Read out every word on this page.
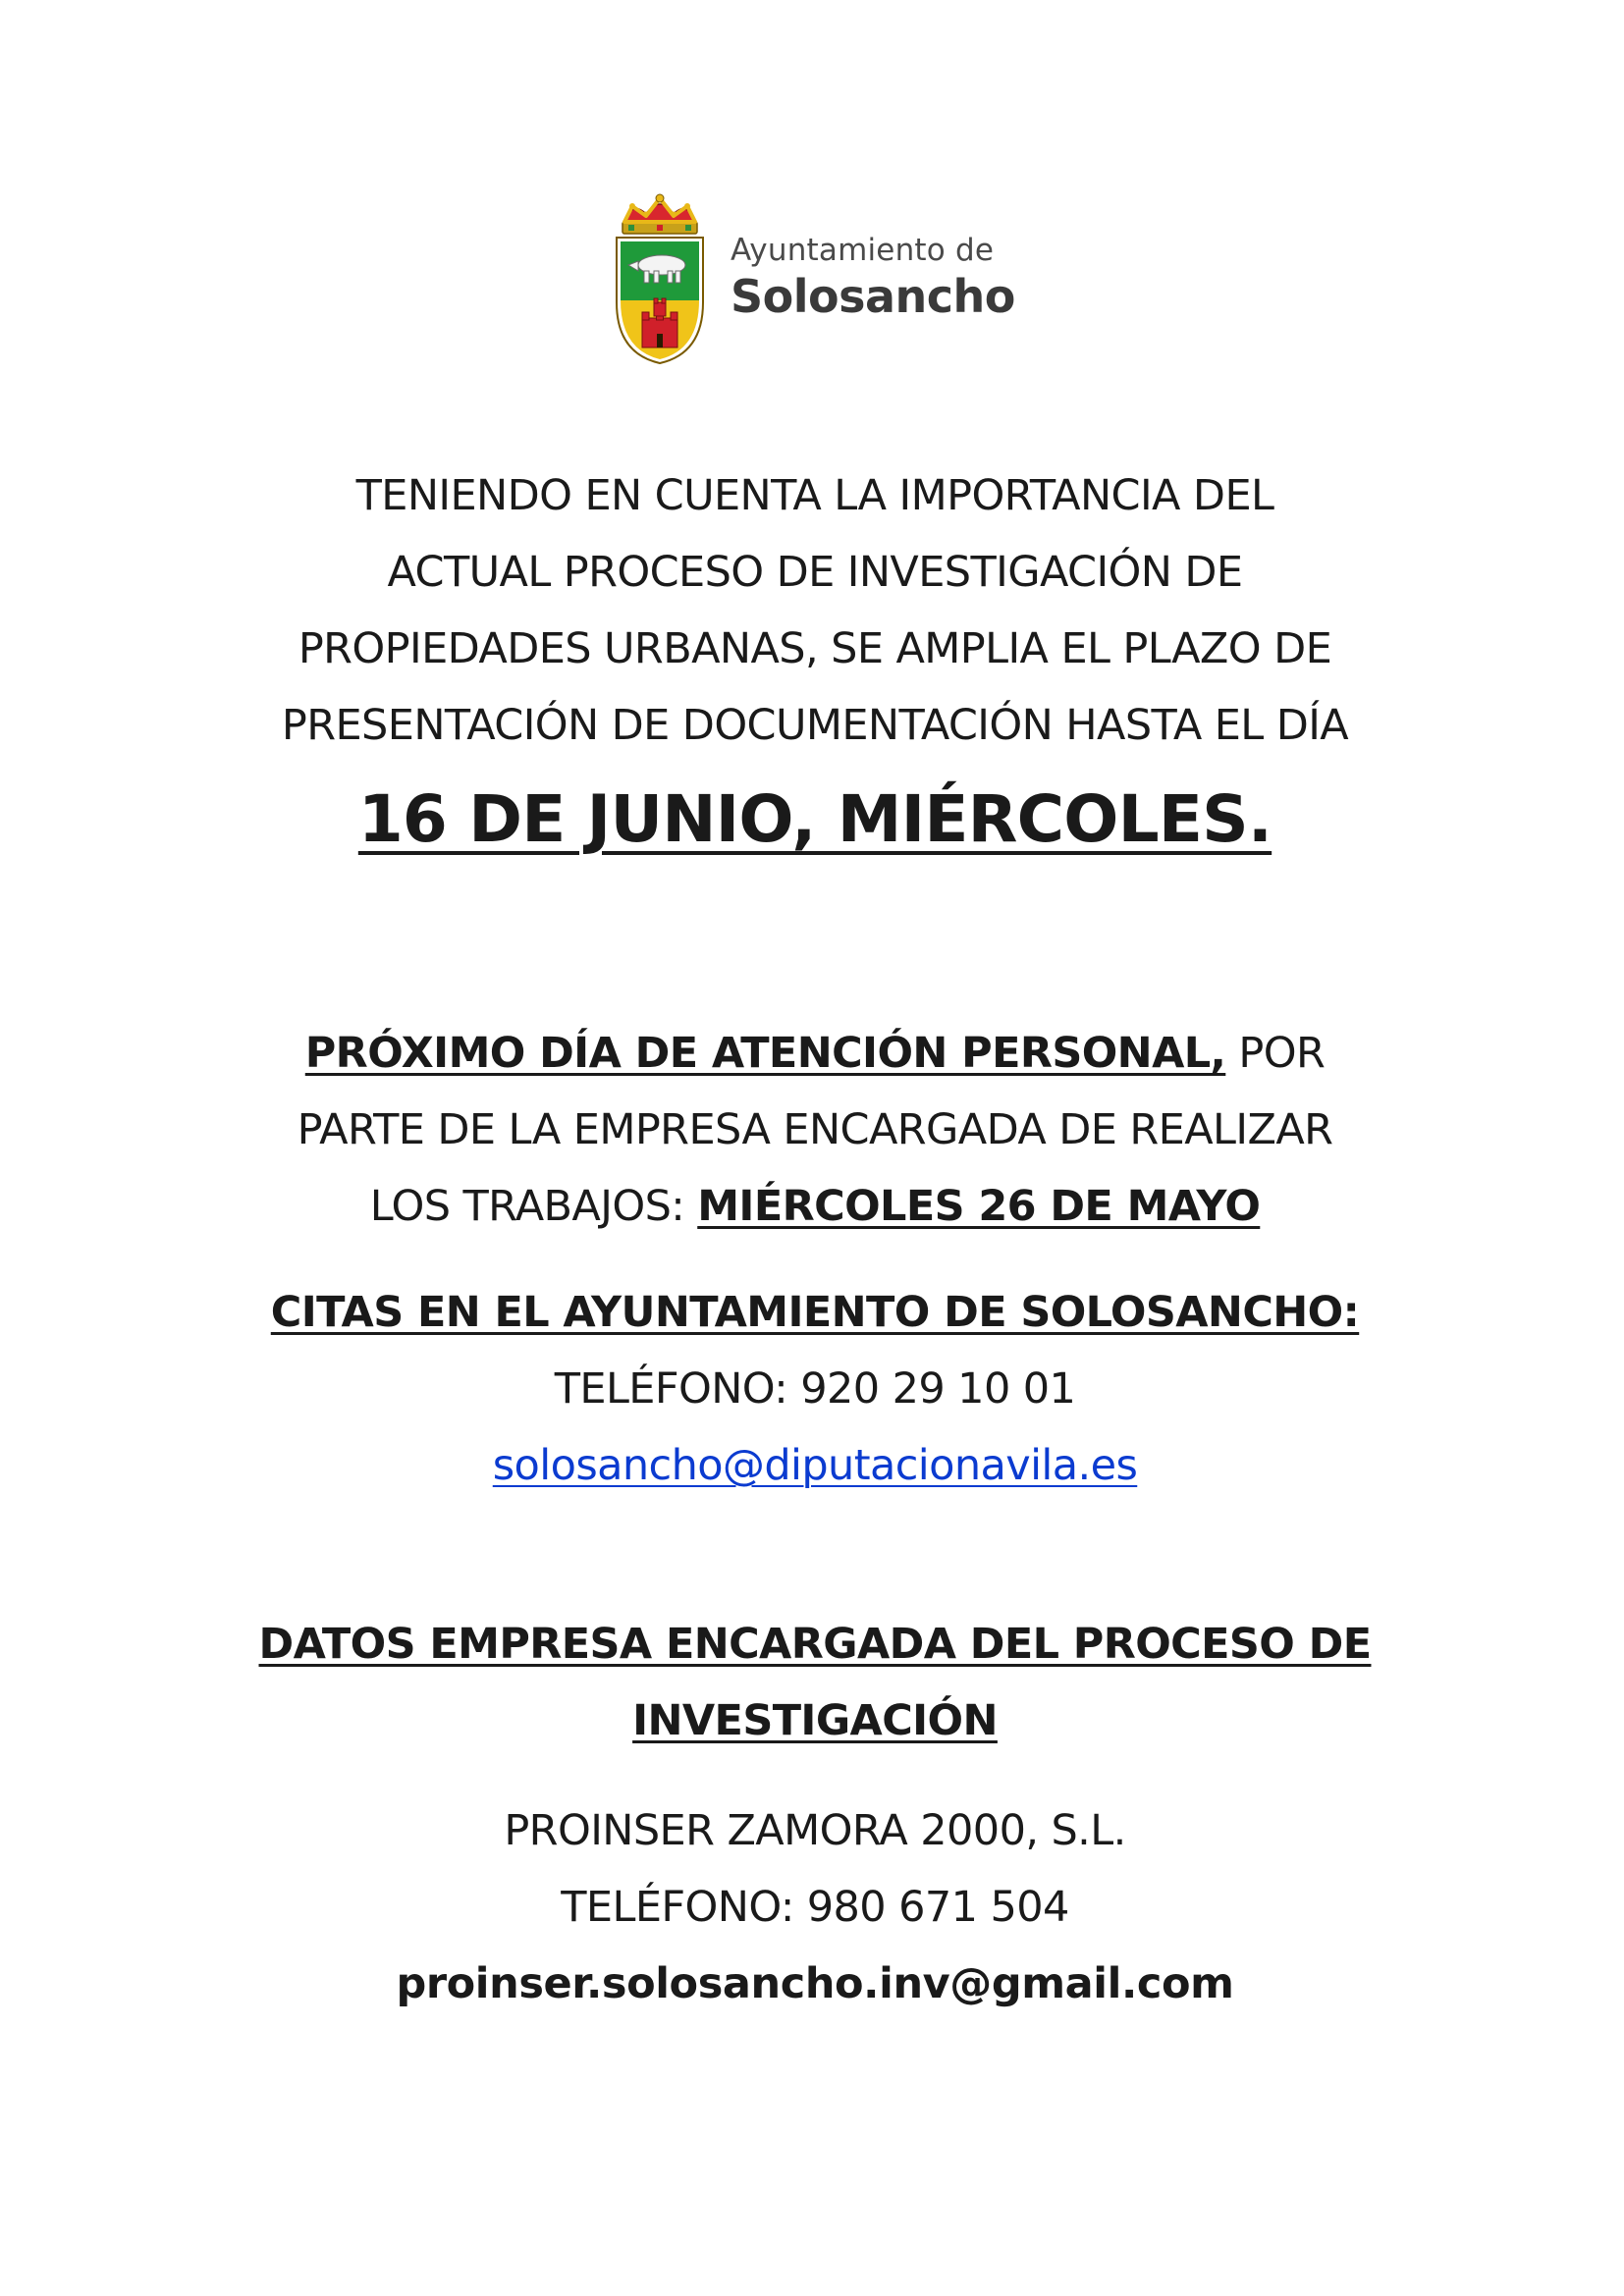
Ayuntamiento de
Solosancho
TENIENDO EN CUENTA LA IMPORTANCIA DEL
ACTUAL PROCESO DE INVESTIGACIÓN DE
PROPIEDADES URBANAS, SE AMPLIA EL PLAZO DE
PRESENTACIÓN DE DOCUMENTACIÓN HASTA EL DÍA
16 DE JUNIO, MIÉRCOLES.
PRÓXIMO DÍA DE ATENCIÓN PERSONAL, POR
PARTE DE LA EMPRESA ENCARGADA DE REALIZAR
LOS TRABAJOS: MIÉRCOLES 26 DE MAYO
CITAS EN EL AYUNTAMIENTO DE SOLOSANCHO:
TELÉFONO: 920 29 10 01
solosancho@diputacionavila.es
DATOS EMPRESA ENCARGADA DEL PROCESO DE
INVESTIGACIÓN
PROINSER ZAMORA 2000, S.L.
TELÉFONO: 980 671 504
proinser.solosancho.inv@gmail.com
